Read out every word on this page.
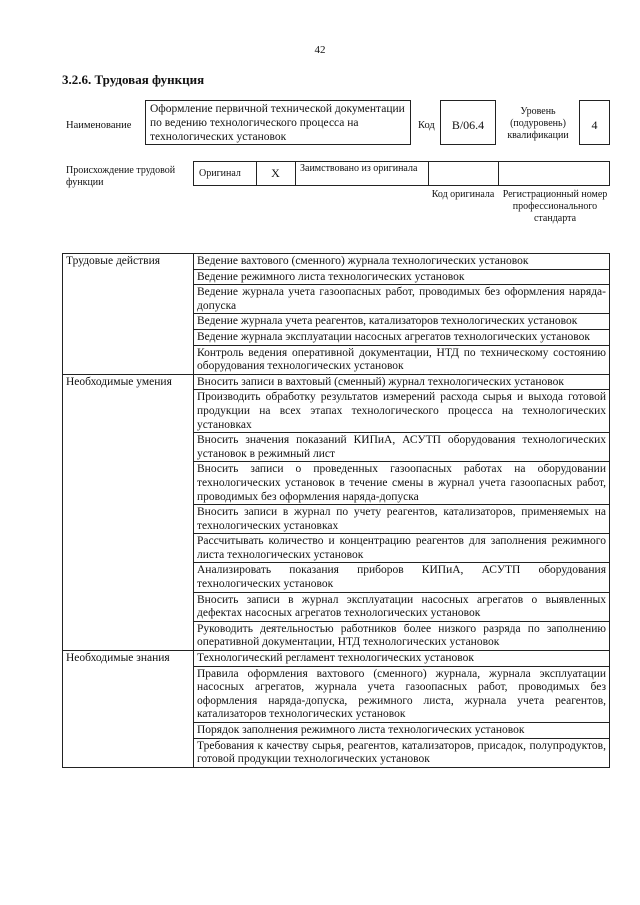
42
3.2.6. Трудовая функция
Наименование
Оформление первичной технической документации по ведению технологического процесса на технологических установок
Код	B/06.4
Уровень (подуровень) квалификации
4
Происхождение трудовой функции
Оригинал	X	Заимствовано из оригинала
Код оригинала Регистрационный номер профессионального стандарта
Трудовые действия	Ведение вахтового (сменного) журнала технологических установок
	Ведение режимного листа технологических установок
	Ведение журнала учета газоопасных работ, проводимых без оформления наряда-допуска
	Ведение журнала учета реагентов, катализаторов технологических установок
	Ведение журнала эксплуатации насосных агрегатов технологических установок
	Контроль ведения оперативной документации, НТД по техническому состоянию оборудования технологических установок
Необходимые умения	Вносить записи в вахтовый (сменный) журнал технологических установок
	Производить обработку результатов измерений расхода сырья и выхода готовой продукции на всех этапах технологического процесса на технологических установках
	Вносить значения показаний КИПиА, АСУТП оборудования технологических установок в режимный лист
	Вносить записи о проведенных газоопасных работах на оборудовании технологических установок в течение смены в журнал учета газоопасных работ, проводимых без оформления наряда-допуска
	Вносить записи в журнал по учету реагентов, катализаторов, применяемых на технологических установках
	Рассчитывать количество и концентрацию реагентов для заполнения режимного листа технологических установок
	Анализировать показания приборов КИПиА, АСУТП оборудования технологических установок
	Вносить записи в журнал эксплуатации насосных агрегатов о выявленных дефектах насосных агрегатов технологических установок
	Руководить деятельностью работников более низкого разряда по заполнению оперативной документации, НТД технологических установок
Необходимые знания	Технологический регламент технологических установок
	Правила оформления вахтового (сменного) журнала, журнала эксплуатации насосных агрегатов, журнала учета газоопасных работ, проводимых без оформления наряда-допуска, режимного листа, журнала учета реагентов, катализаторов технологических установок
	Порядок заполнения режимного листа технологических установок
	Требования к качеству сырья, реагентов, катализаторов, присадок, полупродуктов, готовой продукции технологических установок
